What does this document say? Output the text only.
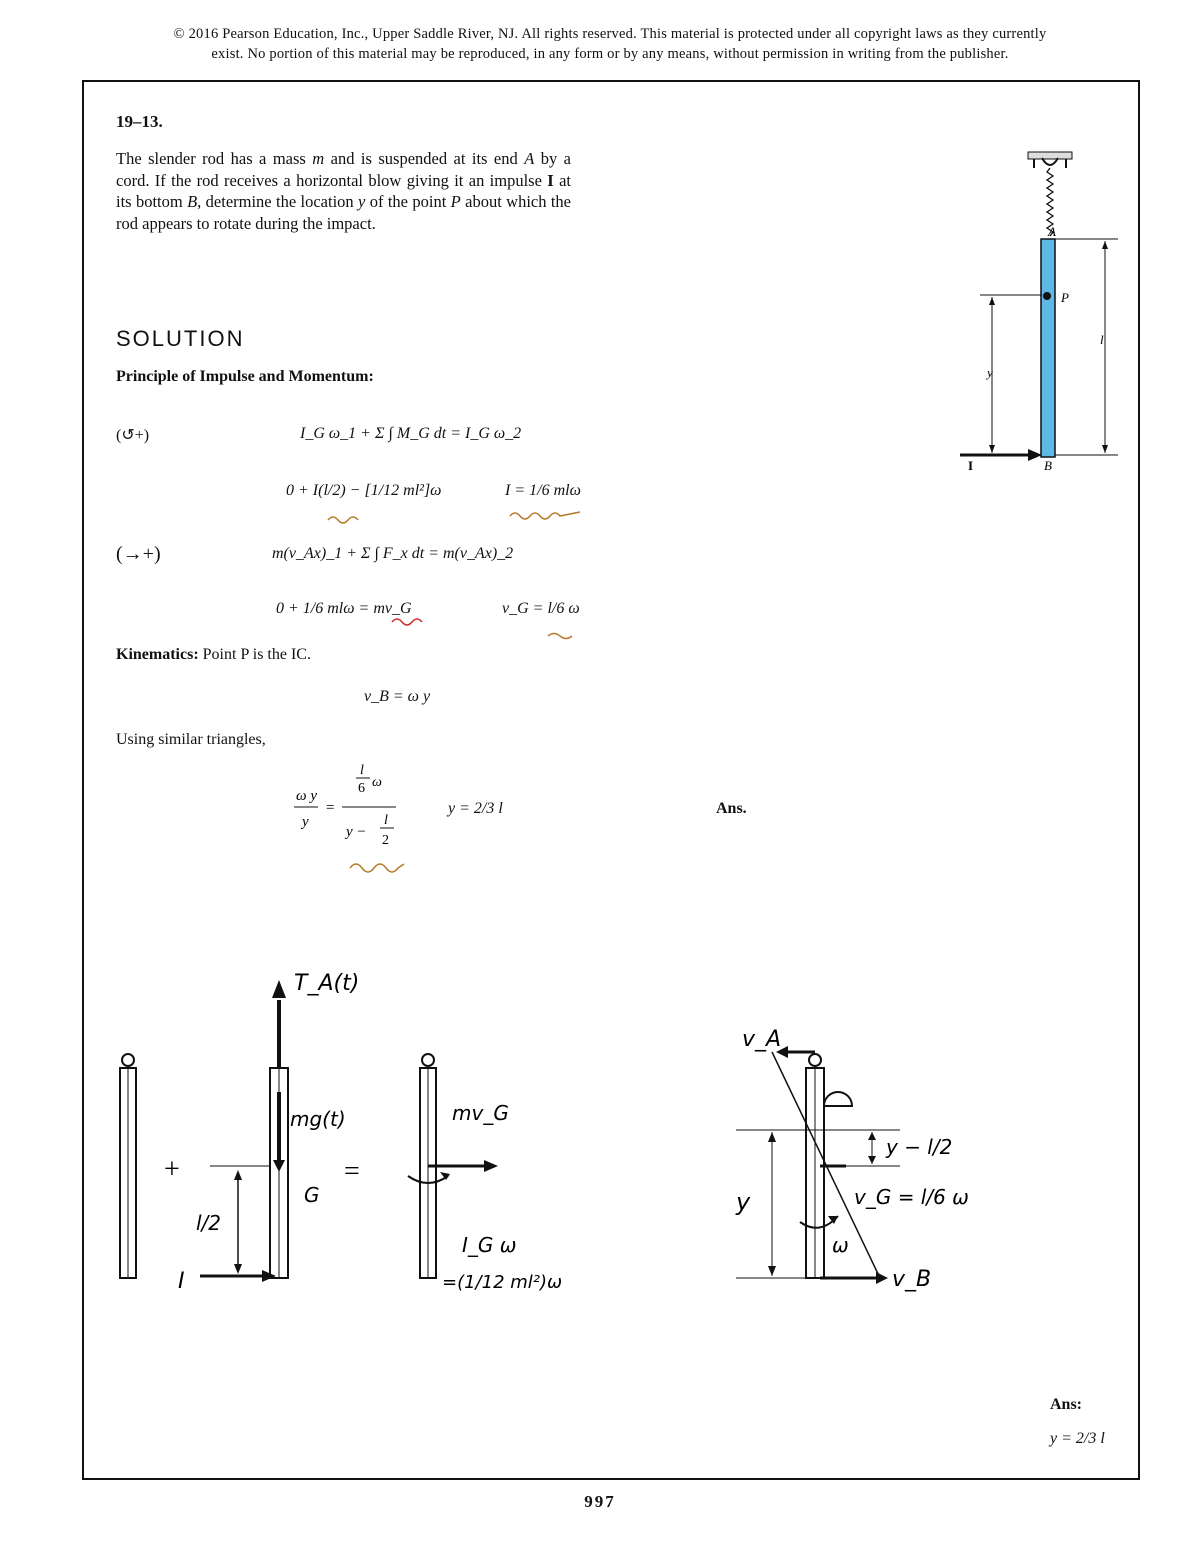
© 2016 Pearson Education, Inc., Upper Saddle River, NJ. All rights reserved. This material is protected under all copyright laws as they currently
exist. No portion of this material may be reproduced, in any form or by any means, without permission in writing from the publisher.
19–13.
The slender rod has a mass m and is suspended at its end A by a cord. If the rod receives a horizontal blow giving it an impulse I at its bottom B, determine the location y of the point P about which the rod appears to rotate during the impact.	A
P
B
l
y
I
SOLUTION
Principle of Impulse and Momentum:
(↺+)	I_G ω_1 + Σ ∫ M_G dt = I_G ω_2
0 + I(l/2) − [1/12 ml²]ω	I = 1/6 mlω
(→+)	m(v_Ax)_1 + Σ ∫ F_x dt = m(v_Ax)_2
0 + 1/6 mlω = mv_G	v_G = l/6 ω
Kinematics: Point P is the IC.
v_B = ω y
Using similar triangles,
ω y
y
=
l
6 ω
y −
l
2
y = 2/3 l	Ans.
+
T_A(t)
mg(t)
G
l/2
I
=
mv_G
I_G ω
=(1/12 ml²)ω
v_A
y − l/2
v_G = l/6 ω
y
ω
v_B
Ans:
y = 2/3 l
997
